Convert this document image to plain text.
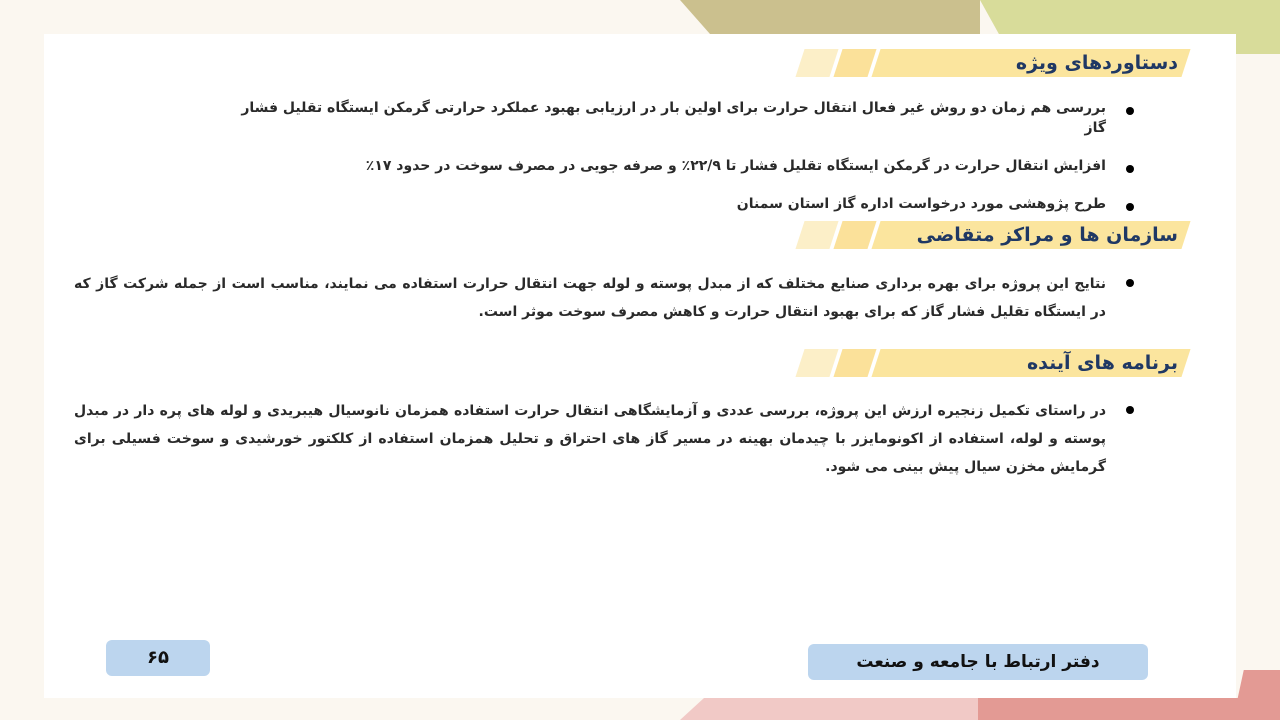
دستاوردهای ویژه
بررسی هم زمان دو روش غیر فعال انتقال حرارت برای اولین بار در ارزیابی بهبود عملکرد حرارتی گرمکن ایستگاه تقلیل فشار گاز
افزایش انتقال حرارت در گرمکن ایستگاه تقلیل فشار تا ۲۲/۹٪ و صرفه جویی در مصرف سوخت در حدود ۱۷٪
طرح پژوهشی مورد درخواست اداره گاز استان سمنان
سازمان ها و مراکز متقاضی
نتایج این پروژه برای بهره برداری صنایع مختلف که از مبدل پوسته و لوله جهت انتقال حرارت استفاده می نمایند، مناسب است از جمله شرکت گاز که در ایستگاه تقلیل فشار گاز که برای بهبود انتقال حرارت و کاهش مصرف سوخت موثر است.
برنامه های آینده
در راستای تکمیل زنجیره ارزش این پروژه، بررسی عددی و آزمایشگاهی انتقال حرارت استفاده همزمان نانوسیال هیبریدی و لوله های پره دار در مبدل پوسته و لوله، استفاده از اکونومایزر با چیدمان بهینه در مسیر گاز های احتراق و تحلیل همزمان استفاده از کلکتور خورشیدی و سوخت فسیلی برای گرمایش مخزن سیال پیش بینی می شود.
۶۵	دفتر ارتباط با جامعه و صنعت
